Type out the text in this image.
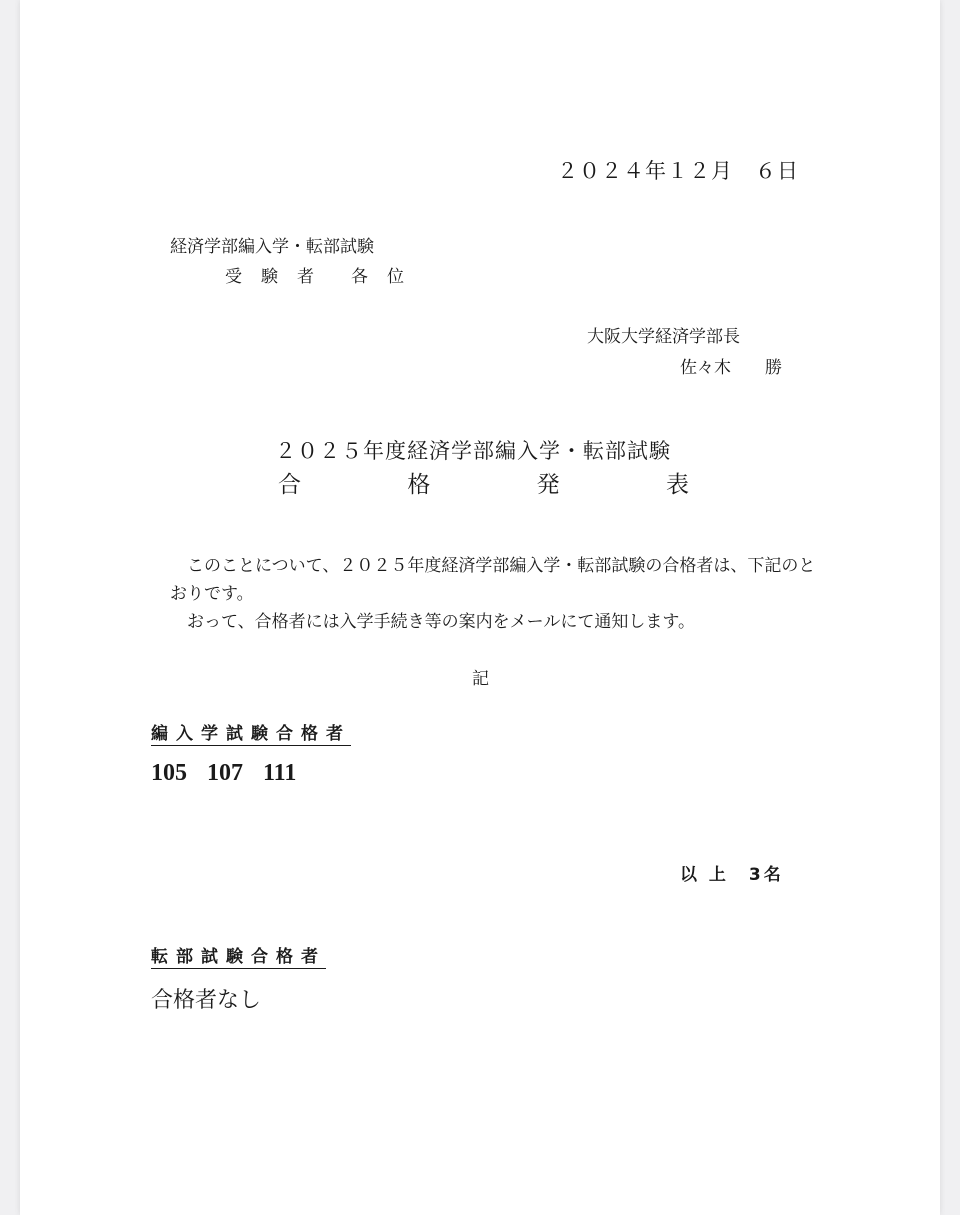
２０２４年１２月　６日
経済学部編入学・転部試験
受　験　者　　各　位
大阪大学経済学部長
佐々木　　勝
２０２５年度経済学部編入学・転部試験
合	格	発	表

　このことについて、２０２５年度経済学部編入学・転部試験の合格者は、下記のとおりです。

　おって、合格者には入学手続き等の案内をメールにて通知します。

記
編入学試験合格者
105 107 111
以 上　3名
転部試験合格者
合格者なし
